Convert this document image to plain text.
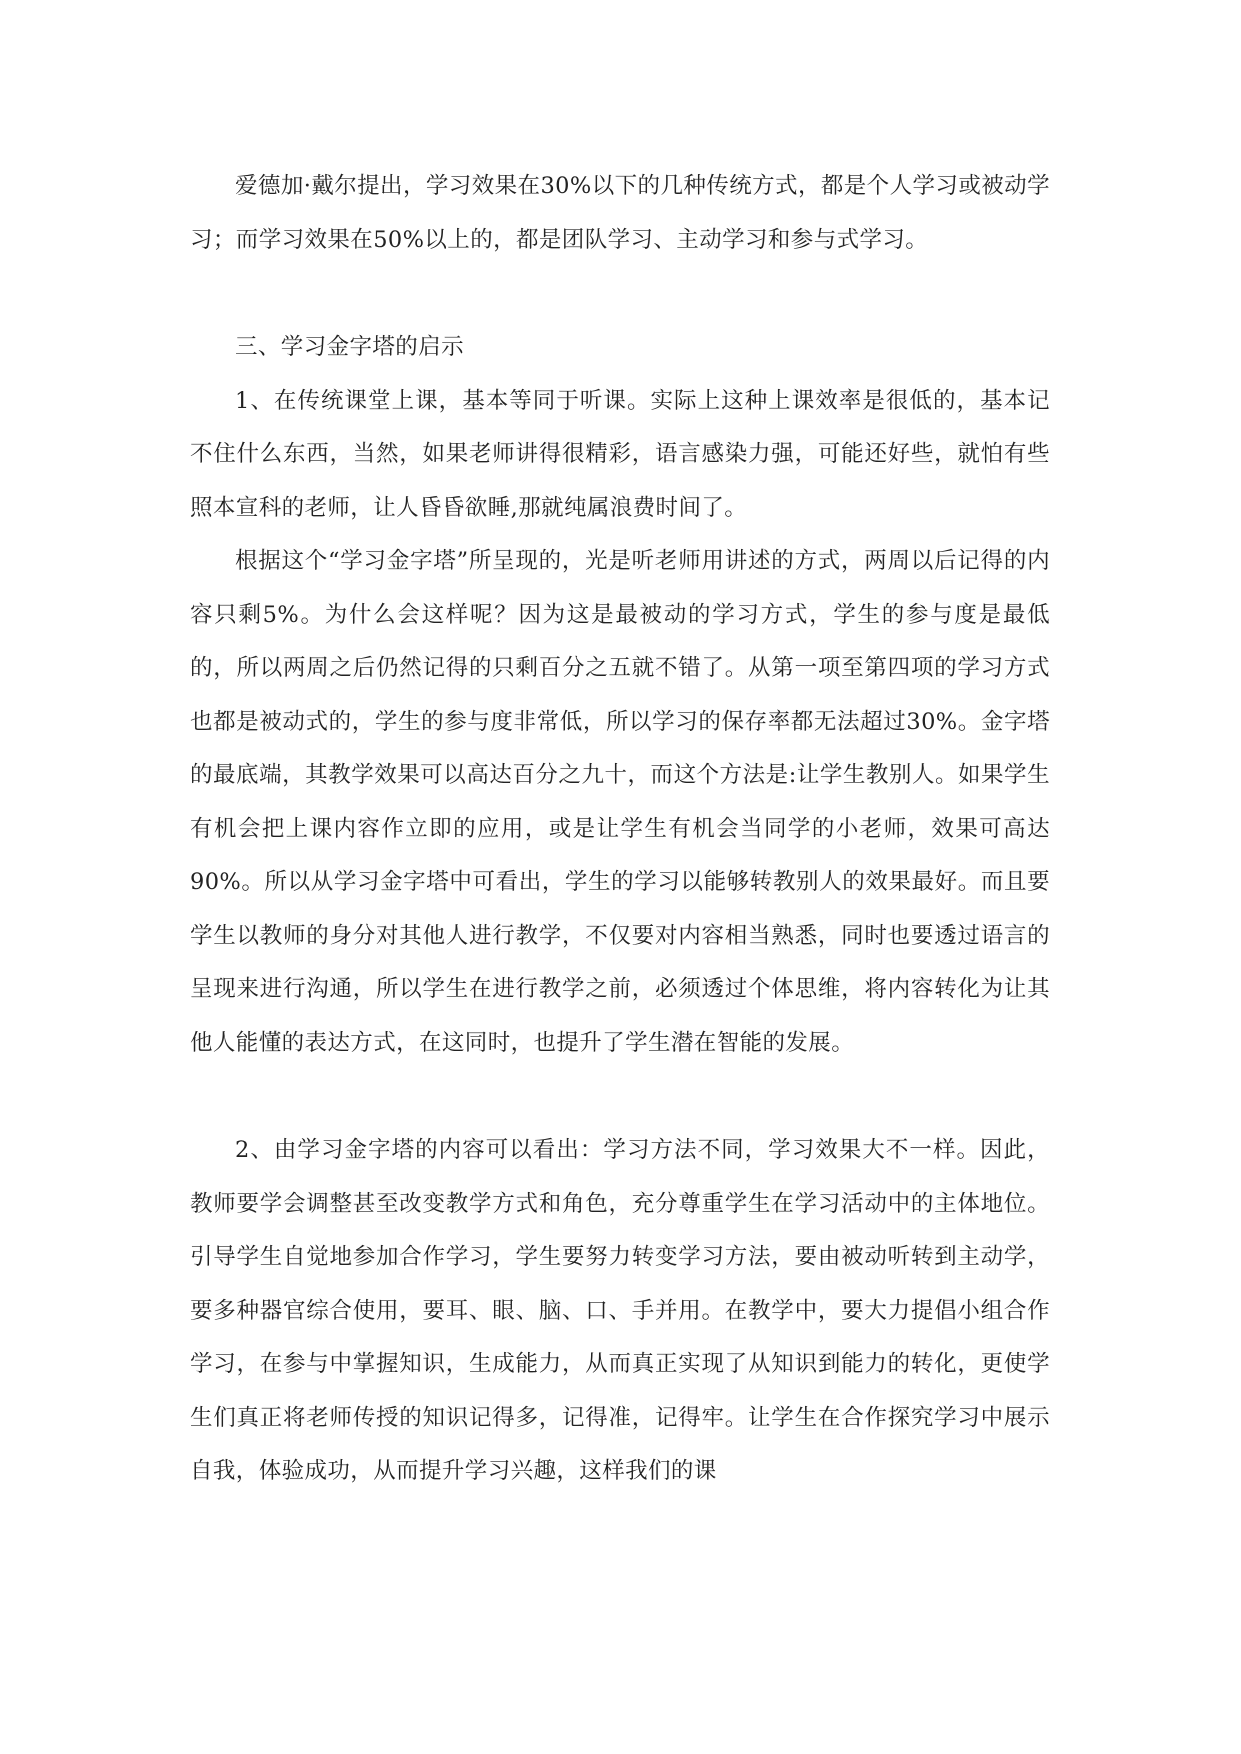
爱德加·戴尔提出，学习效果在30%以下的几种传统方式，都是个人学习或被动学习；而学习效果在50%以上的，都是团队学习、主动学习和参与式学习。

三、学习金字塔的启示

1、在传统课堂上课，基本等同于听课。实际上这种上课效率是很低的，基本记不住什么东西，当然，如果老师讲得很精彩，语言感染力强，可能还好些，就怕有些照本宣科的老师，让人昏昏欲睡,那就纯属浪费时间了。

根据这个“学习金字塔”所呈现的，光是听老师用讲述的方式，两周以后记得的内容只剩5%。为什么会这样呢？因为这是最被动的学习方式，学生的参与度是最低的，所以两周之后仍然记得的只剩百分之五就不错了。从第一项至第四项的学习方式也都是被动式的，学生的参与度非常低，所以学习的保存率都无法超过30%。金字塔的最底端，其教学效果可以高达百分之九十，而这个方法是:让学生教别人。如果学生有机会把上课内容作立即的应用，或是让学生有机会当同学的小老师，效果可高达90%。所以从学习金字塔中可看出，学生的学习以能够转教别人的效果最好。而且要学生以教师的身分对其他人进行教学，不仅要对内容相当熟悉，同时也要透过语言的呈现来进行沟通，所以学生在进行教学之前，必须透过个体思维，将内容转化为让其他人能懂的表达方式，在这同时，也提升了学生潜在智能的发展。

2、由学习金字塔的内容可以看出：学习方法不同，学习效果大不一样。因此，教师要学会调整甚至改变教学方式和角色，充分尊重学生在学习活动中的主体地位。引导学生自觉地参加合作学习，学生要努力转变学习方法，要由被动听转到主动学，要多种器官综合使用，要耳、眼、脑、口、手并用。在教学中，要大力提倡小组合作学习，在参与中掌握知识，生成能力，从而真正实现了从知识到能力的转化，更使学生们真正将老师传授的知识记得多，记得准，记得牢。让学生在合作探究学习中展示自我，体验成功，从而提升学习兴趣，这样我们的课
